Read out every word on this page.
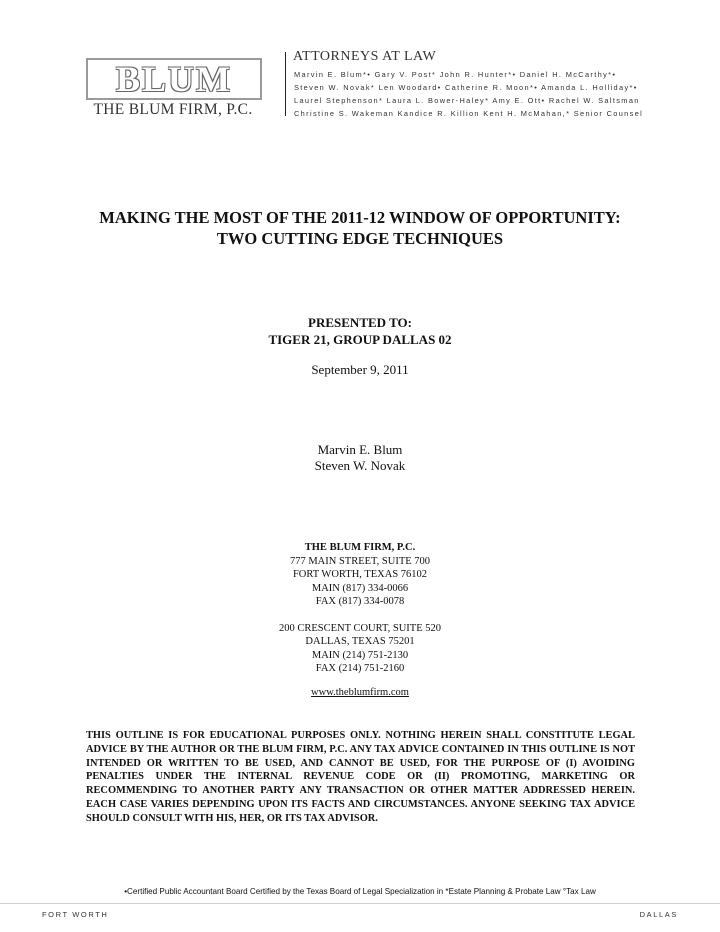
BLUM
THE BLUM FIRM, P.C.
ATTORNEYS AT LAW
Marvin E. Blum*• Gary V. Post* John R. Hunter*• Daniel H. McCarthy*•
Steven W. Novak* Len Woodard• Catherine R. Moon*• Amanda L. Holliday*•
Laurel Stephenson* Laura L. Bower-Haley* Amy E. Ott• Rachel W. Saltsman
Christine S. Wakeman Kandice R. Killion Kent H. McMahan,* Senior Counsel
MAKING THE MOST OF THE 2011-12 WINDOW OF OPPORTUNITY:
TWO CUTTING EDGE TECHNIQUES
PRESENTED TO:
TIGER 21, GROUP DALLAS 02
September 9, 2011
Marvin E. Blum
Steven W. Novak
THE BLUM FIRM, P.C.
777 MAIN STREET, SUITE 700
FORT WORTH, TEXAS 76102
MAIN (817) 334-0066
FAX (817) 334-0078
200 CRESCENT COURT, SUITE 520
DALLAS, TEXAS 75201
MAIN (214) 751-2130
FAX (214) 751-2160
www.theblumfirm.com
THIS OUTLINE IS FOR EDUCATIONAL PURPOSES ONLY. NOTHING HEREIN SHALL CONSTITUTE LEGAL ADVICE BY THE AUTHOR OR THE BLUM FIRM, P.C. ANY TAX ADVICE CONTAINED IN THIS OUTLINE IS NOT INTENDED OR WRITTEN TO BE USED, AND CANNOT BE USED, FOR THE PURPOSE OF (I) AVOIDING PENALTIES UNDER THE INTERNAL REVENUE CODE OR (II) PROMOTING, MARKETING OR RECOMMENDING TO ANOTHER PARTY ANY TRANSACTION OR OTHER MATTER ADDRESSED HEREIN. EACH CASE VARIES DEPENDING UPON ITS FACTS AND CIRCUMSTANCES. ANYONE SEEKING TAX ADVICE SHOULD CONSULT WITH HIS, HER, OR ITS TAX ADVISOR.
•Certified Public Accountant Board Certified by the Texas Board of Legal Specialization in *Estate Planning & Probate Law °Tax Law
FORT WORTH	DALLAS
